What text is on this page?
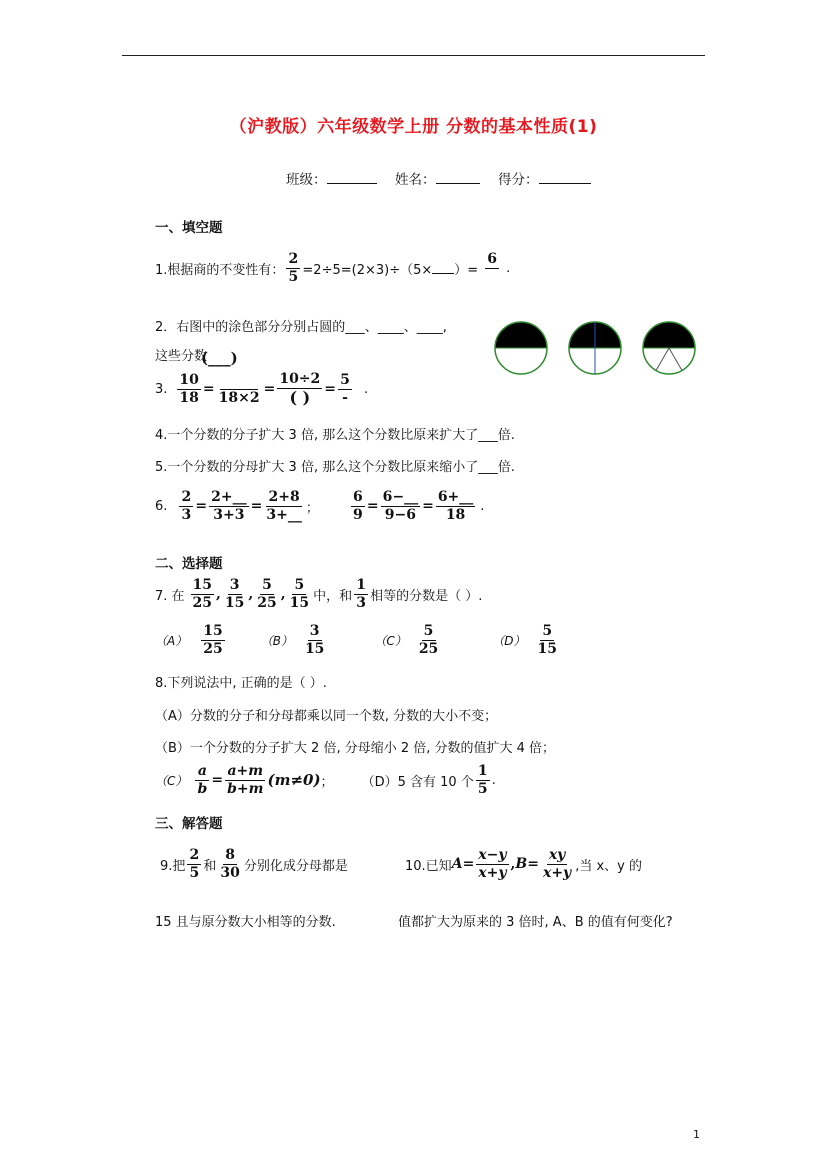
（沪教版）六年级数学上册 分数的基本性质(1)
班级：	姓名：	得分：
一、填空题
1.根据商的不变性有： $\frac{2}{5} =2\div 5=(2\times 3)\div(5\times$ ）=
6

.
2．右图中的涂色部分分别占圆的___、____、____,
这些分数(___)
3. $\frac{10}{18}$ =

18×2
=
10÷2
( ) =
5
-
.
4.一个分数的分子扩大 3 倍, 那么这个分数比原来扩大了___倍.
5.一个分数的分母扩大 3 倍, 那么这个分数比原来缩小了___倍.
6. $\frac{2}{3} = \frac{2+\_\_}{3+3} = \frac{2+8}{3+\_\_}$ ； $\frac{6}{9} = \frac{6-\_\_}{9-6} = \frac{6+\_\_}{18}$ .
二、选择题
7. 在
15
25
,
3
15
,
5
25
,
5
15 中，和
1
3 相等的分数是（ ）.
（A）
15
25	（B）
3
15	（C）
5
25	（D）
5
15
8.下列说法中, 正确的是（ ）.
（A）分数的分子和分母都乘以同一个数, 分数的大小不变；
（B）一个分数的分子扩大 2 倍, 分母缩小 2 倍, 分数的值扩大 4 倍；
$(C) \frac{a}{b} = \frac{a+m}{b+m} (m\ne 0)$ ； （D）5 含有 10 个
1
5
.
三、解答题
9.把
2
5 和
8
30 分别化成分母都是
15 且与原分数大小相等的分数.
10.已知 $A = \frac{x-y}{x+y}$ , $B = \frac{xy}{x+y}$ ,当 x、y 的
值都扩大为原来的 3 倍时, A、B 的值有何变化?
1
